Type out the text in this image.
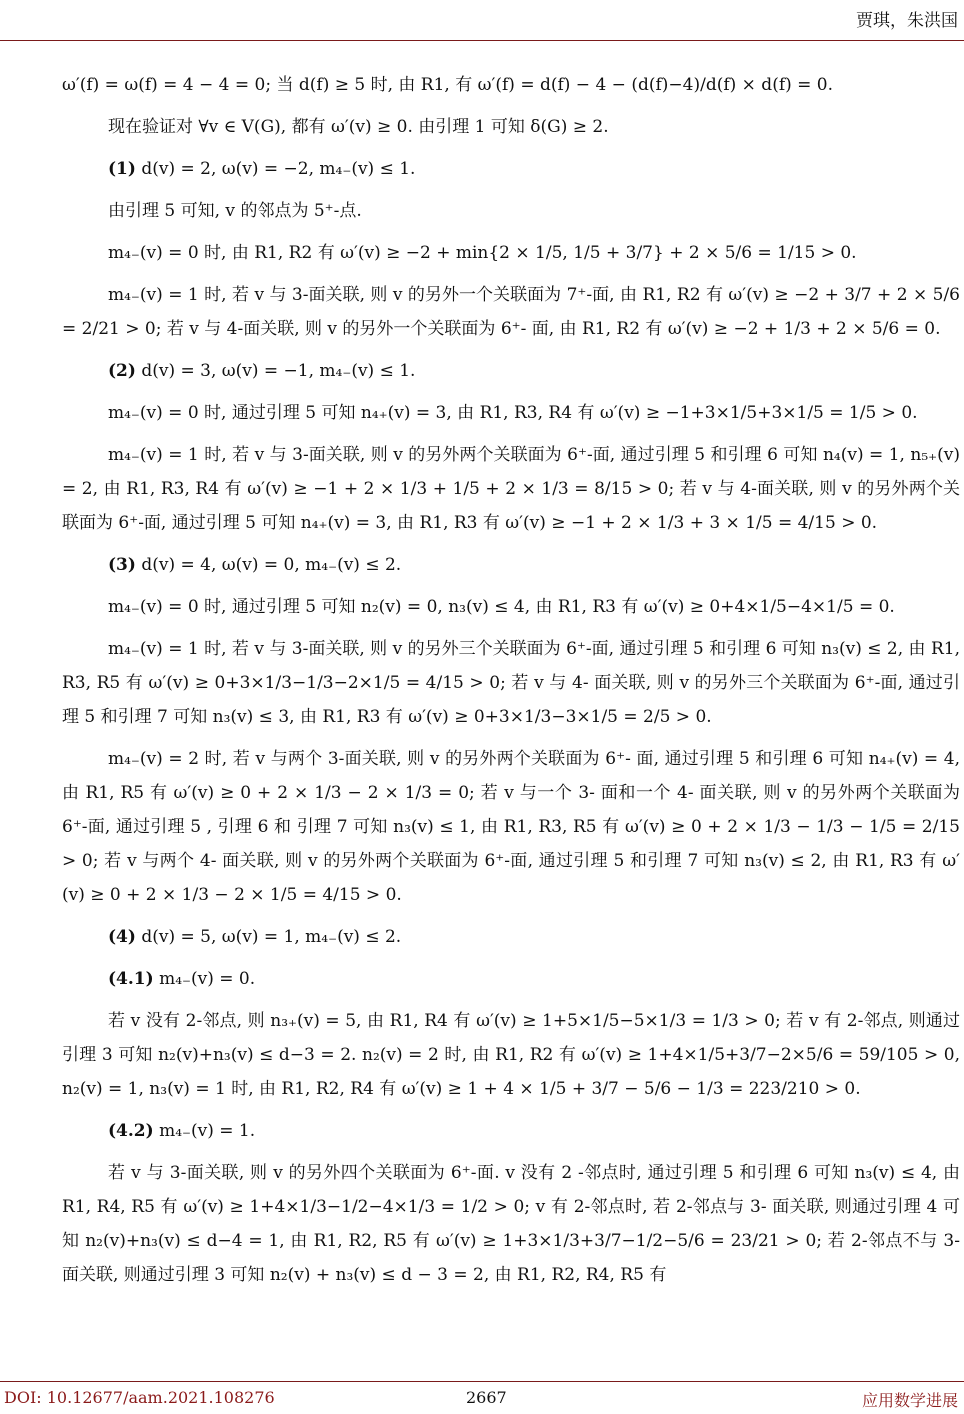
贾琪，朱洪国

ω′(f) = ω(f) = 4 − 4 = 0; 当 d(f) ≥ 5 时, 由 R1, 有 ω′(f) = d(f) − 4 − (d(f)−4)/d(f) × d(f) = 0.

现在验证对 ∀v ∈ V(G), 都有 ω′(v) ≥ 0. 由引理 1 可知 δ(G) ≥ 2.

(1) d(v) = 2, ω(v) = −2, m₄₋(v) ≤ 1.

由引理 5 可知, v 的邻点为 5⁺-点.

m₄₋(v) = 0 时, 由 R1, R2 有 ω′(v) ≥ −2 + min{2 × 1/5, 1/5 + 3/7} + 2 × 5/6 = 1/15 > 0.

m₄₋(v) = 1 时, 若 v 与 3-面关联, 则 v 的另外一个关联面为 7⁺-面, 由 R1, R2 有 ω′(v) ≥ −2 + 3/7 + 2 × 5/6 = 2/21 > 0; 若 v 与 4-面关联, 则 v 的另外一个关联面为 6⁺- 面, 由 R1, R2 有 ω′(v) ≥ −2 + 1/3 + 2 × 5/6 = 0.

(2) d(v) = 3, ω(v) = −1, m₄₋(v) ≤ 1.

m₄₋(v) = 0 时, 通过引理 5 可知 n₄₊(v) = 3, 由 R1, R3, R4 有 ω′(v) ≥ −1+3×1/5+3×1/5 = 1/5 > 0.

m₄₋(v) = 1 时, 若 v 与 3-面关联, 则 v 的另外两个关联面为 6⁺-面, 通过引理 5 和引理 6 可知 n₄(v) = 1, n₅₊(v) = 2, 由 R1, R3, R4 有 ω′(v) ≥ −1 + 2 × 1/3 + 1/5 + 2 × 1/3 = 8/15 > 0; 若 v 与 4-面关联, 则 v 的另外两个关联面为 6⁺-面, 通过引理 5 可知 n₄₊(v) = 3, 由 R1, R3 有 ω′(v) ≥ −1 + 2 × 1/3 + 3 × 1/5 = 4/15 > 0.

(3) d(v) = 4, ω(v) = 0, m₄₋(v) ≤ 2.

m₄₋(v) = 0 时, 通过引理 5 可知 n₂(v) = 0, n₃(v) ≤ 4, 由 R1, R3 有 ω′(v) ≥ 0+4×1/5−4×1/5 = 0.

m₄₋(v) = 1 时, 若 v 与 3-面关联, 则 v 的另外三个关联面为 6⁺-面, 通过引理 5 和引理 6 可知 n₃(v) ≤ 2, 由 R1, R3, R5 有 ω′(v) ≥ 0+3×1/3−1/3−2×1/5 = 4/15 > 0; 若 v 与 4- 面关联, 则 v 的另外三个关联面为 6⁺-面, 通过引理 5 和引理 7 可知 n₃(v) ≤ 3, 由 R1, R3 有 ω′(v) ≥ 0+3×1/3−3×1/5 = 2/5 > 0.

m₄₋(v) = 2 时, 若 v 与两个 3-面关联, 则 v 的另外两个关联面为 6⁺- 面, 通过引理 5 和引理 6 可知 n₄₊(v) = 4, 由 R1, R5 有 ω′(v) ≥ 0 + 2 × 1/3 − 2 × 1/3 = 0; 若 v 与一个 3- 面和一个 4- 面关联, 则 v 的另外两个关联面为 6⁺-面, 通过引理 5 , 引理 6 和 引理 7 可知 n₃(v) ≤ 1, 由 R1, R3, R5 有 ω′(v) ≥ 0 + 2 × 1/3 − 1/3 − 1/5 = 2/15 > 0; 若 v 与两个 4- 面关联, 则 v 的另外两个关联面为 6⁺-面, 通过引理 5 和引理 7 可知 n₃(v) ≤ 2, 由 R1, R3 有 ω′(v) ≥ 0 + 2 × 1/3 − 2 × 1/5 = 4/15 > 0.

(4) d(v) = 5, ω(v) = 1, m₄₋(v) ≤ 2.

(4.1) m₄₋(v) = 0.

若 v 没有 2-邻点, 则 n₃₊(v) = 5, 由 R1, R4 有 ω′(v) ≥ 1+5×1/5−5×1/3 = 1/3 > 0; 若 v 有 2-邻点, 则通过引理 3 可知 n₂(v)+n₃(v) ≤ d−3 = 2. n₂(v) = 2 时, 由 R1, R2 有 ω′(v) ≥ 1+4×1/5+3/7−2×5/6 = 59/105 > 0, n₂(v) = 1, n₃(v) = 1 时, 由 R1, R2, R4 有 ω′(v) ≥ 1 + 4 × 1/5 + 3/7 − 5/6 − 1/3 = 223/210 > 0.

(4.2) m₄₋(v) = 1.

若 v 与 3-面关联, 则 v 的另外四个关联面为 6⁺-面. v 没有 2 -邻点时, 通过引理 5 和引理 6 可知 n₃(v) ≤ 4, 由 R1, R4, R5 有 ω′(v) ≥ 1+4×1/3−1/2−4×1/3 = 1/2 > 0; v 有 2-邻点时, 若 2-邻点与 3- 面关联, 则通过引理 4 可知 n₂(v)+n₃(v) ≤ d−4 = 1, 由 R1, R2, R5 有 ω′(v) ≥ 1+3×1/3+3/7−1/2−5/6 = 23/21 > 0; 若 2-邻点不与 3-面关联, 则通过引理 3 可知 n₂(v) + n₃(v) ≤ d − 3 = 2, 由 R1, R2, R4, R5 有

DOI: 10.12677/aam.2021.108276	2667	应用数学进展
